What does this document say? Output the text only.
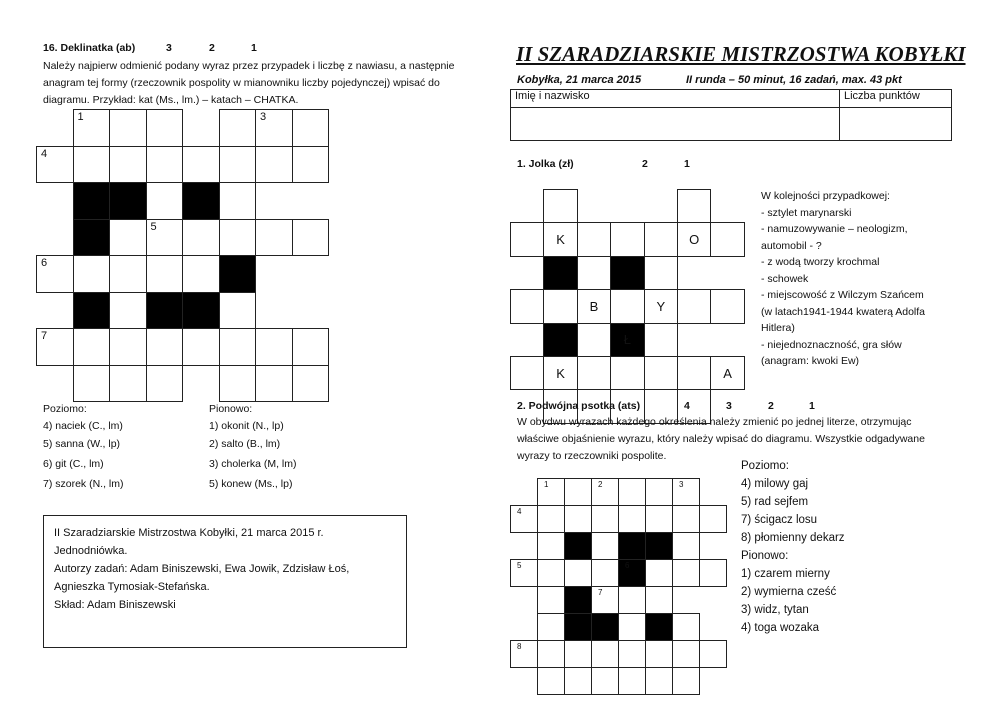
16. Deklinatka (ab)	3	2	1
Należy najpierw odmienić podany wyraz przez przypadek i liczbę z nawiasu, a następnie
anagram tej formy (rzeczownik pospolity w mianowniku liczby pojedynczej) wpisać do
diagramu. Przykład: kat (Ms., lm.) – katach – CHATKA.
1	3
4
5
6
7
Poziomo:
4) naciek (C., lm)
5) sanna (W., lp)
6) git (C., lm)
7) szorek (N., lm)
Pionowo:
1) okonit (N., lp)
2) salto (B., lm)
3) cholerka (M, lm)
5) konew (Ms., lp)
II Szaradziarskie Mistrzostwa Kobyłki, 21 marca 2015 r.
Jednodniówka.
Autorzy zadań: Adam Biniszewski, Ewa Jowik, Zdzisław Łoś,
Agnieszka Tymosiak-Stefańska.
Skład: Adam Biniszewski
II SZARADZIARSKIE MISTRZOSTWA KOBYŁKI
Kobyłka, 21 marca 2015	II runda – 50 minut, 16 zadań, max. 43 pkt
Imię i nazwisko	Liczba punktów

1. Jolka (zł)	2	1
K	O
B	Y
Ł
K	A
W kolejności przypadkowej:
- sztylet marynarski
- namuzowywanie – neologizm,
automobil - ?
- z wodą tworzy krochmal
- schowek
- miejscowość z Wilczym Szańcem
(w latach1941-1944 kwaterą Adolfa
Hitlera)
- niejednoznaczność, gra słów
(anagram: kwoki Ew)
2. Podwójna psotka (ats)	4	3	2	1
W obydwu wyrazach każdego określenia należy zmienić po jednej literze, otrzymując
właściwe objaśnienie wyrazu, który należy wpisać do diagramu. Wszystkie odgadywane
wyrazy to rzeczowniki pospolite.
1	2	3
4
5	6
7
8
Poziomo:
4) milowy gaj
5) rad sejfem
7) ścigacz losu
8) płomienny dekarz
Pionowo:
1) czarem mierny
2) wymierna cześć
3) widz, tytan
4) toga wozaka
